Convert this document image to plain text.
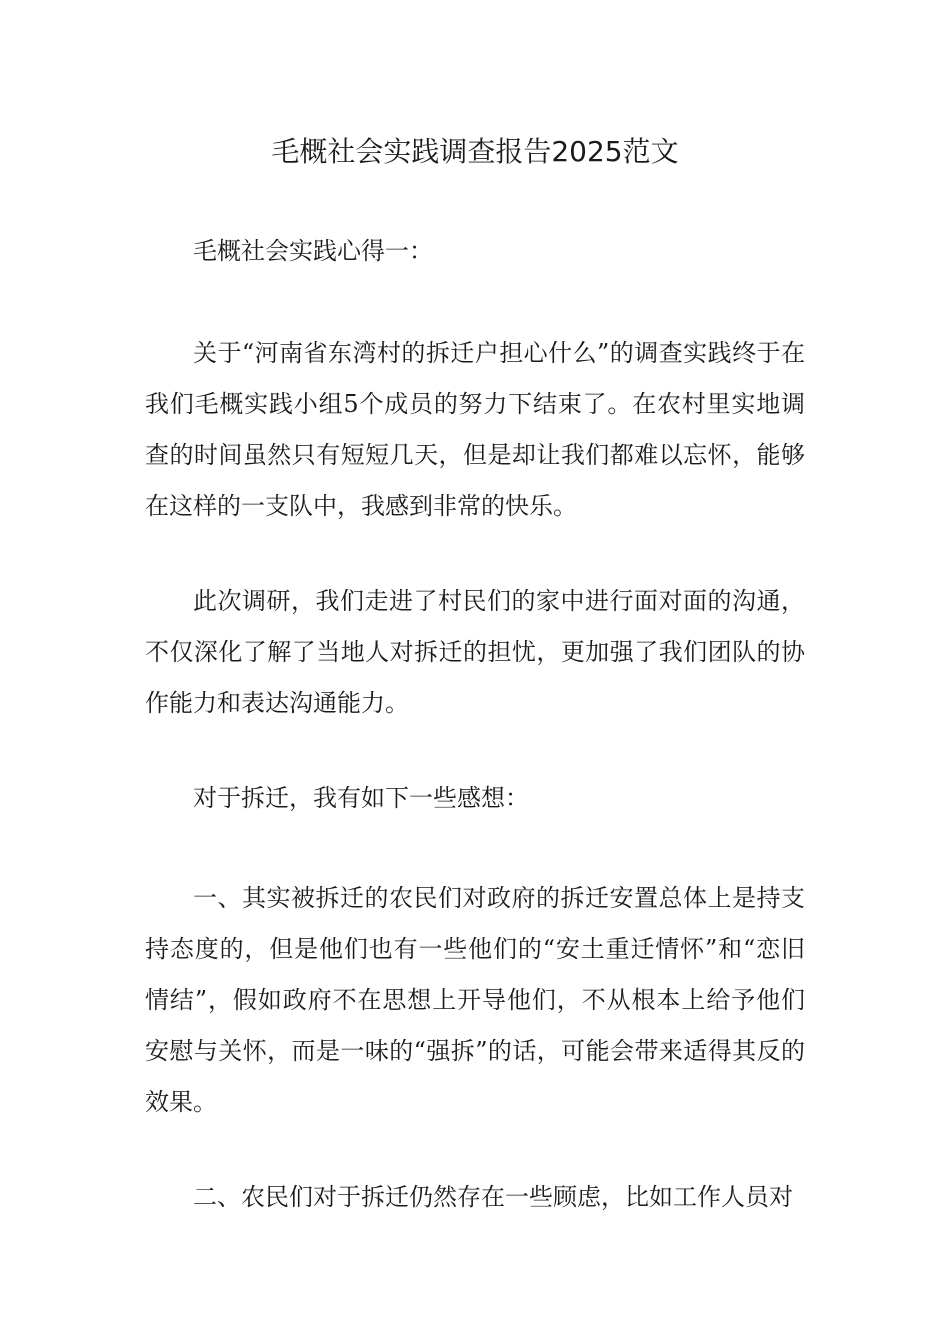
毛概社会实践调查报告2025范文

毛概社会实践心得一：

关于“河南省东湾村的拆迁户担心什么”的调查实践终于在我们毛概实践小组5个成员的努力下结束了。在农村里实地调查的时间虽然只有短短几天，但是却让我们都难以忘怀，能够在这样的一支队中，我感到非常的快乐。

此次调研，我们走进了村民们的家中进行面对面的沟通，不仅深化了解了当地人对拆迁的担忧，更加强了我们团队的协作能力和表达沟通能力。

对于拆迁，我有如下一些感想：

一、其实被拆迁的农民们对政府的拆迁安置总体上是持支持态度的，但是他们也有一些他们的“安土重迁情怀”和“恋旧情结”，假如政府不在思想上开导他们，不从根本上给予他们安慰与关怀，而是一味的“强拆”的话，可能会带来适得其反的效果。

二、农民们对于拆迁仍然存在一些顾虑，比如工作人员对
